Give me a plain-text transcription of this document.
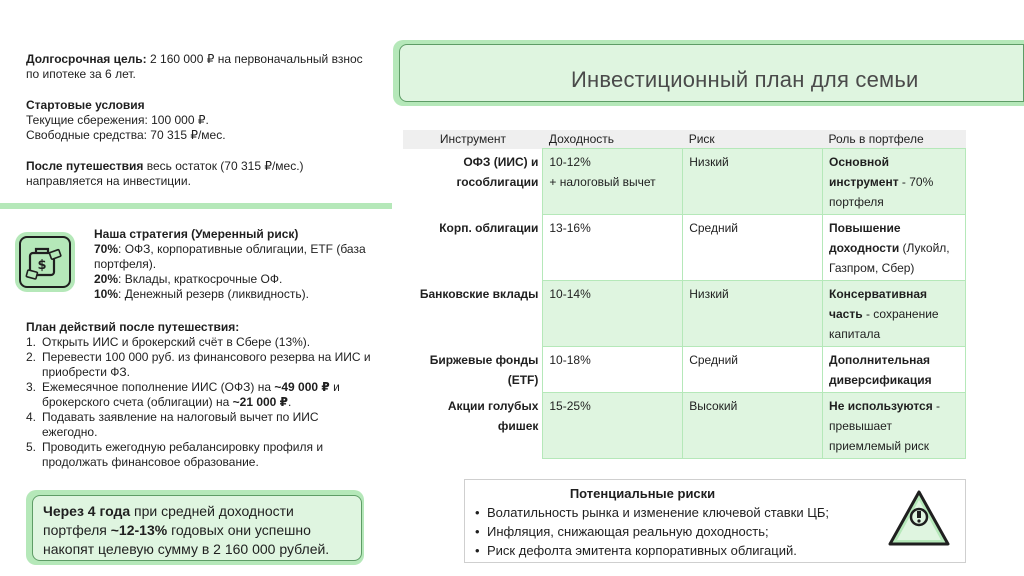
Долгосрочная цель: 2 160 000 ₽ на первоначальный взнос по ипотеке за 6 лет.

Стартовые условия

Текущие сбережения: 100 000 ₽.

Свободные средства: 70 315 ₽/мес.

После путешествия весь остаток (70 315 ₽/мес.) направляется на инвестиции.

Инвестиционный план для семьи
$

Наша стратегия (Умеренный риск)

70%: ОФЗ, корпоративные облигации, ETF (база портфеля).

20%: Вклады, краткосрочные ОФ.

10%: Денежный резерв (ликвидность).

План действий после путешествия:

1. Открыть ИИС и брокерский счёт в Сбере (13%).
2. Перевести 100 000 руб. из финансового резерва на ИИС и приобрести ФЗ.
3. Ежемесячное пополнение ИИС (ОФЗ) на ~49 000 ₽ и брокерского счета (облигации) на ~21 000 ₽.
4. Подавать заявление на налоговый вычет по ИИС ежегодно.
5. Проводить ежегодную ребалансировку профиля и продолжать финансовое образование.
Через 4 года при средней доходности портфеля ~12-13% годовых они успешно накопят целевую сумму в 2 160 000 рублей.
Инструмент	Доходность	Риск	Роль в портфеле
ОФЗ (ИИС) и гособлигации	10-12%
+ налоговый вычет	Низкий	Основной инструмент - 70% портфеля
Корп. облигации	13-16%	Средний	Повышение доходности (Лукойл, Газпром, Сбер)
Банковские вклады	10-14%	Низкий	Консервативная часть - сохранение капитала
Биржевые фонды (ETF)	10-18%	Средний	Дополнительная диверсификация
Акции голубых фишек	15-25%	Высокий	Не используются - превышает приемлемый риск
Потенциальные риски
• Волатильность рынка и изменение ключевой ставки ЦБ;
• Инфляция, снижающая реальную доходность;
• Риск дефолта эмитента корпоративных облигаций.
